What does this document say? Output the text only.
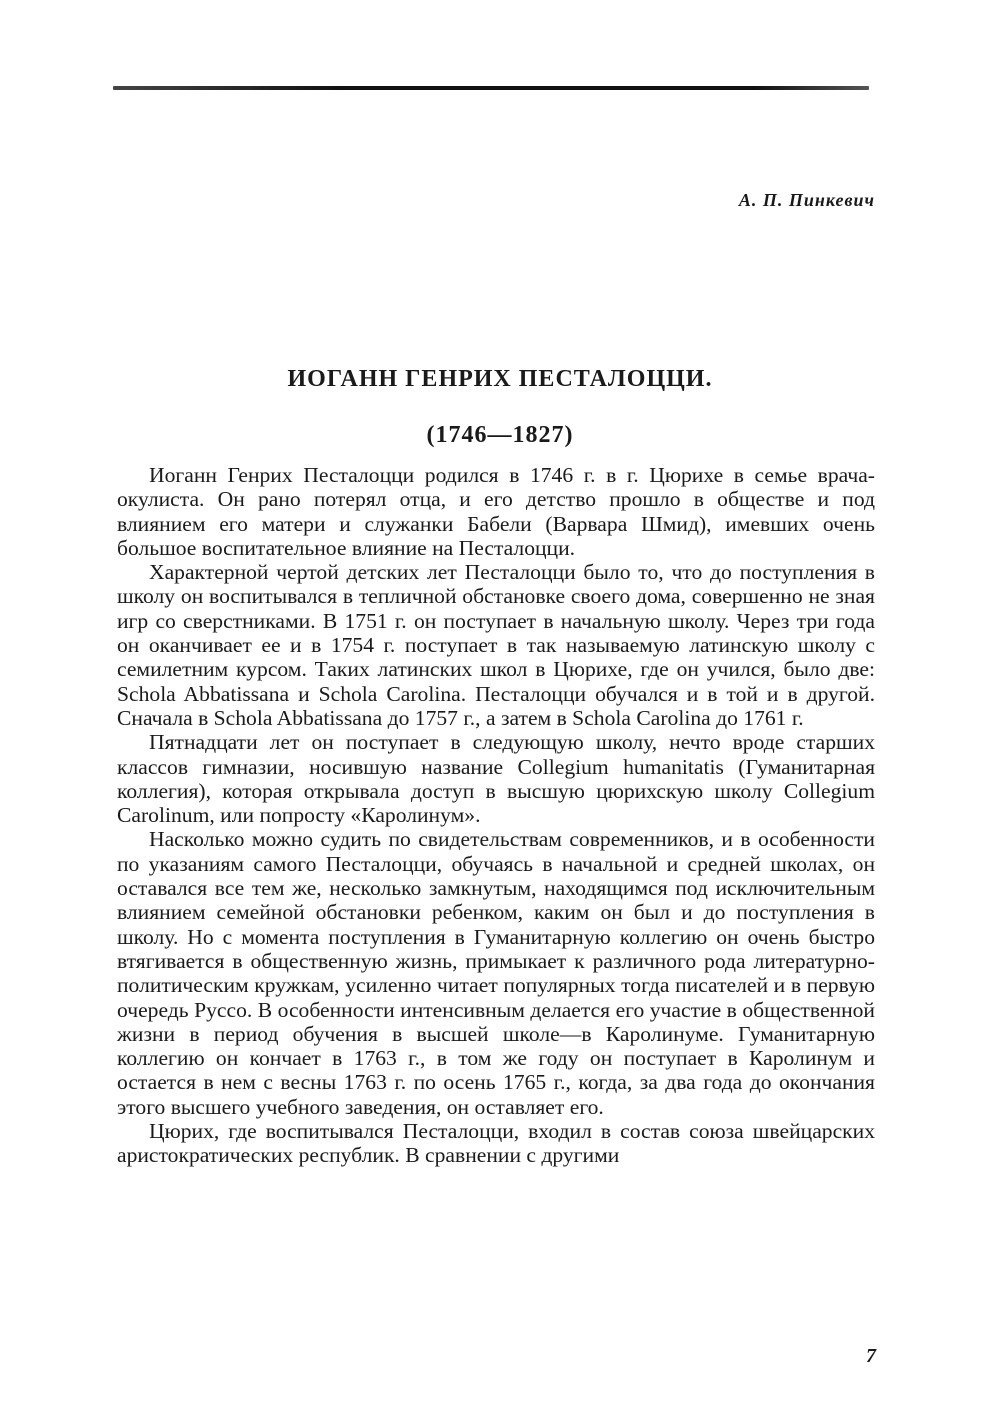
А. П. Пинкевич
ИОГАНН ГЕНРИХ ПЕСТАЛОЦЦИ.
(1746—1827)

Иоганн Генрих Песталоцци родился в 1746 г. в г. Цюрихе в семье врача-окулиста. Он рано потерял отца, и его детство прошло в обществе и под влиянием его матери и служанки Бабели (Варвара Шмид), имевших очень большое воспитательное влияние на Песталоцци.

Характерной чертой детских лет Песталоцци было то, что до поступления в школу он воспитывался в тепличной обстановке своего дома, совершенно не зная игр со сверстниками. В 1751 г. он поступает в начальную школу. Через три года он оканчивает ее и в 1754 г. поступает в так называемую латинскую школу с семилетним курсом. Таких латинских школ в Цюрихе, где он учился, было две: Schola Abbatissana и Schola Carolina. Песталоцци обучался и в той и в другой. Сначала в Schola Abbatissana до 1757 г., а затем в Schola Carolina до 1761 г.

Пятнадцати лет он поступает в следующую школу, нечто вроде старших классов гимназии, носившую название Collegium humanitatis (Гуманитарная коллегия), которая открывала доступ в высшую цюрихскую школу Collegium Carolinum, или попросту «Каролинум».

Насколько можно судить по свидетельствам современников, и в особенности по указаниям самого Песталоцци, обучаясь в начальной и средней школах, он оставался все тем же, несколько замкнутым, находящимся под исключительным влиянием семейной обстановки ребенком, каким он был и до поступления в школу. Но с момента поступления в Гуманитарную коллегию он очень быстро втягивается в общественную жизнь, примыкает к различного рода литературно-политическим кружкам, усиленно читает популярных тогда писателей и в первую очередь Руссо. В особенности интенсивным делается его участие в общественной жизни в период обучения в высшей школе—в Каролинуме. Гуманитарную коллегию он кончает в 1763 г., в том же году он поступает в Каролинум и остается в нем с весны 1763 г. по осень 1765 г., когда, за два года до окончания этого высшего учебного заведения, он оставляет его.

Цюрих, где воспитывался Песталоцци, входил в состав союза швейцарских аристократических республик. В сравнении с другими

7
